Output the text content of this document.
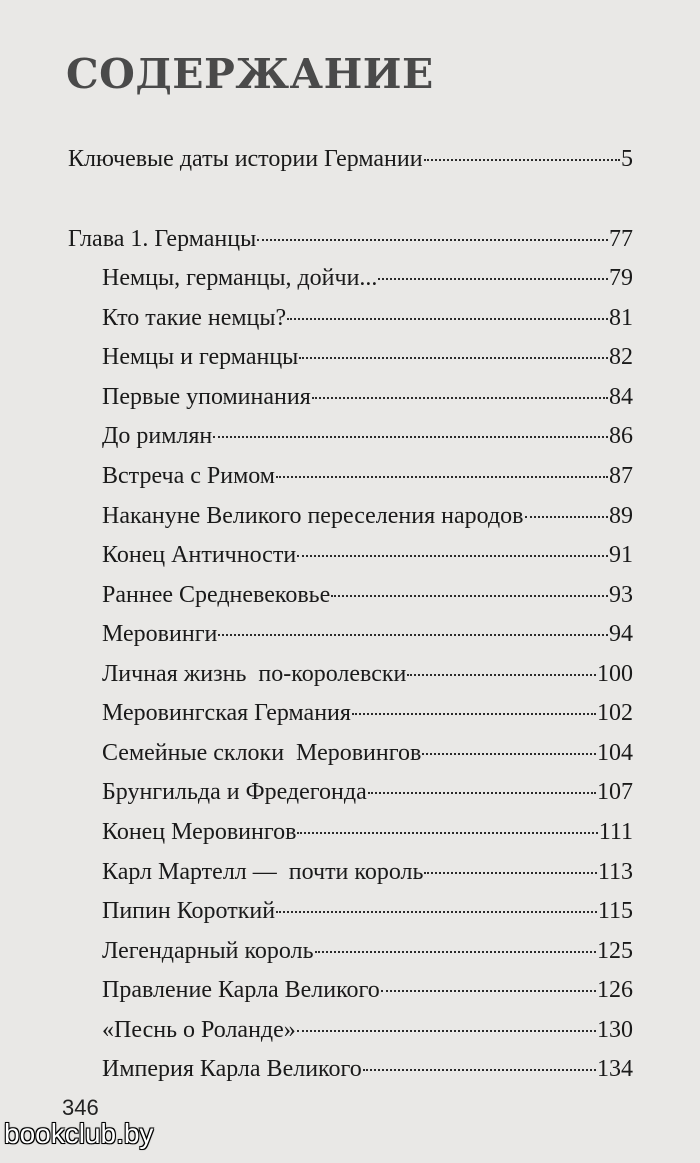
СОДЕРЖАНИЕ
Ключевые даты истории Германии	5
Глава 1. Германцы	77
Немцы, германцы, дойчи...	79
Кто такие немцы?	81
Немцы и германцы	82
Первые упоминания	84
До римлян	86
Встреча с Римом	87
Накануне Великого переселения народов	89
Конец Античности	91
Раннее Средневековье	93
Меровинги	94
Личная жизнь  по-королевски	100
Меровингская Германия	102
Семейные склоки  Меровингов	104
Брунгильда и Фредегонда	107
Конец Меровингов	111
Карл Мартелл —  почти король	113
Пипин Короткий	115
Легендарный король	125
Правление Карла Великого	126
«Песнь о Роланде»	130
Империя Карла Великого	134
346
bookclub.by
